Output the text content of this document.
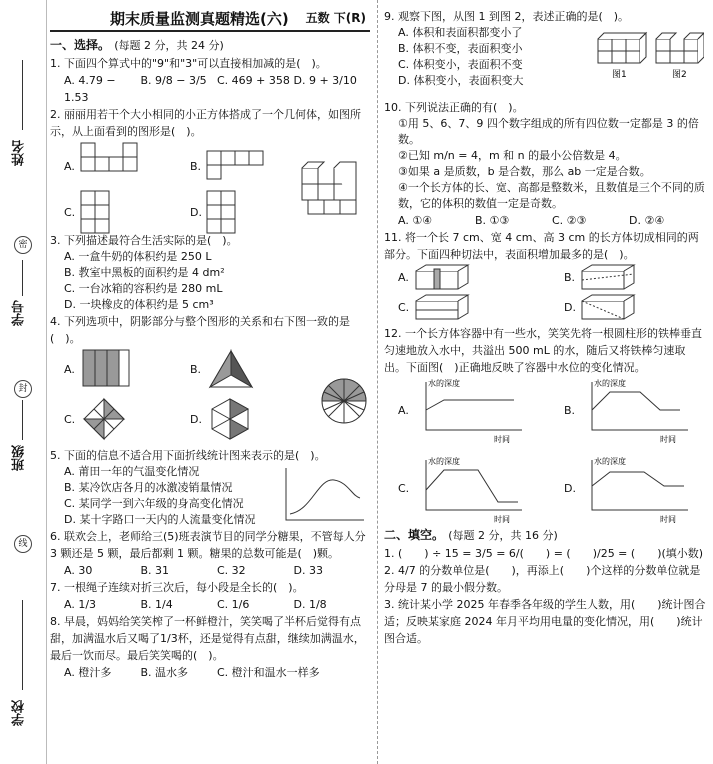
姓名
密
学号
封
班级
线
学校
期末质量监测真题精选(六) 五数 下(R)
一、选择。 (每题 2 分，共 24 分)

1. 下面四个算式中的"9"和"3"可以直接相加减的是(　)。

A. 4.79 − 1.53
B. 9/8 − 3/5 C. 469 + 358 D. 9 + 3/10

2. 丽丽用若干个大小相同的小正方体搭成了一个几何体，如图所示，从上面看到的图形是(　)。

A.	B.
C.	D.

3. 下列描述最符合生活实际的是(　)。

A. 一盒牛奶的体积约是 250 L
B. 教室中黑板的面积约是 4 dm²
C. 一台冰箱的容积约是 280 mL
D. 一块橡皮的体积约是 5 cm³

4. 下列选项中，阴影部分与整个图形的关系和右下图一致的是(　)。

A.	B.
C.	D.

5. 下面的信息不适合用下面折线统计图来表示的是(　)。

A. 莆田一年的气温变化情况
B. 某冷饮店各月的冰激凌销量情况
C. 某同学一到六年级的身高变化情况
D. 某十字路口一天内的人流量变化情况

6. 联欢会上，老师给三(5)班表演节目的同学分糖果，不管每人分 3 颗还是 5 颗，最后都剩 1 颗。糖果的总数可能是(　)颗。

A. 30	B. 31	C. 32	D. 33

7. 一根绳子连续对折三次后，每小段是全长的(　)。

A. 1/3	B. 1/4	C. 1/6	D. 1/8

8. 早晨，妈妈给笑笑榨了一杯鲜橙汁，笑笑喝了半杯后觉得有点甜，加满温水后又喝了1/3杯，还是觉得有点甜，继续加满温水，最后一饮而尽。最后笑笑喝的(　)。

A. 橙汁多	B. 温水多	C. 橙汁和温水一样多

9. 观察下图，从图 1 到图 2，表述正确的是(　)。

A. 体积和表面积都变小了
B. 体积不变，表面积变小
C. 体积变小，表面积不变
D. 体积变小，表面积变大	图1	图2

10. 下列说法正确的有(　)。

①用 5、6、7、9 四个数字组成的所有四位数一定都是 3 的倍数。
②已知 m/n = 4，m 和 n 的最小公倍数是 4。
③如果 a 是质数，b 是合数，那么 ab 一定是合数。
④一个长方体的长、宽、高都是整数米，且数值是三个不同的质数，它的体积的数值一定是奇数。
A. ①④	B. ①③	C. ②③	D. ②④

11. 将一个长 7 cm、宽 4 cm、高 3 cm 的长方体切成相同的两部分。下面四种切法中，表面积增加最多的是(　)。

A.	B.
C.	D.

12. 一个长方体容器中有一些水，笑笑先将一根圆柱形的铁棒垂直匀速地放入水中，共溢出 500 mL 的水，随后又将铁棒匀速取出。下面图(　)正确地反映了容器中水位的变化情况。

A.
水的深度
时间
B.
水的深度
时间
C.
水的深度
时间
D.
水的深度
时间
二、填空。 (每题 2 分，共 16 分)

1. (　　) ÷ 15 = 3/5 = 6/(　　) = (　　)/25 = (　　)(填小数)

2. 4/7 的分数单位是(　　)，再添上(　　)个这样的分数单位就是分母是 7 的最小假分数。

3. 统计某小学 2025 年春季各年级的学生人数，用(　　)统计图合适；反映某家庭 2024 年月平均用电量的变化情况，用(　　)统计图合适。
